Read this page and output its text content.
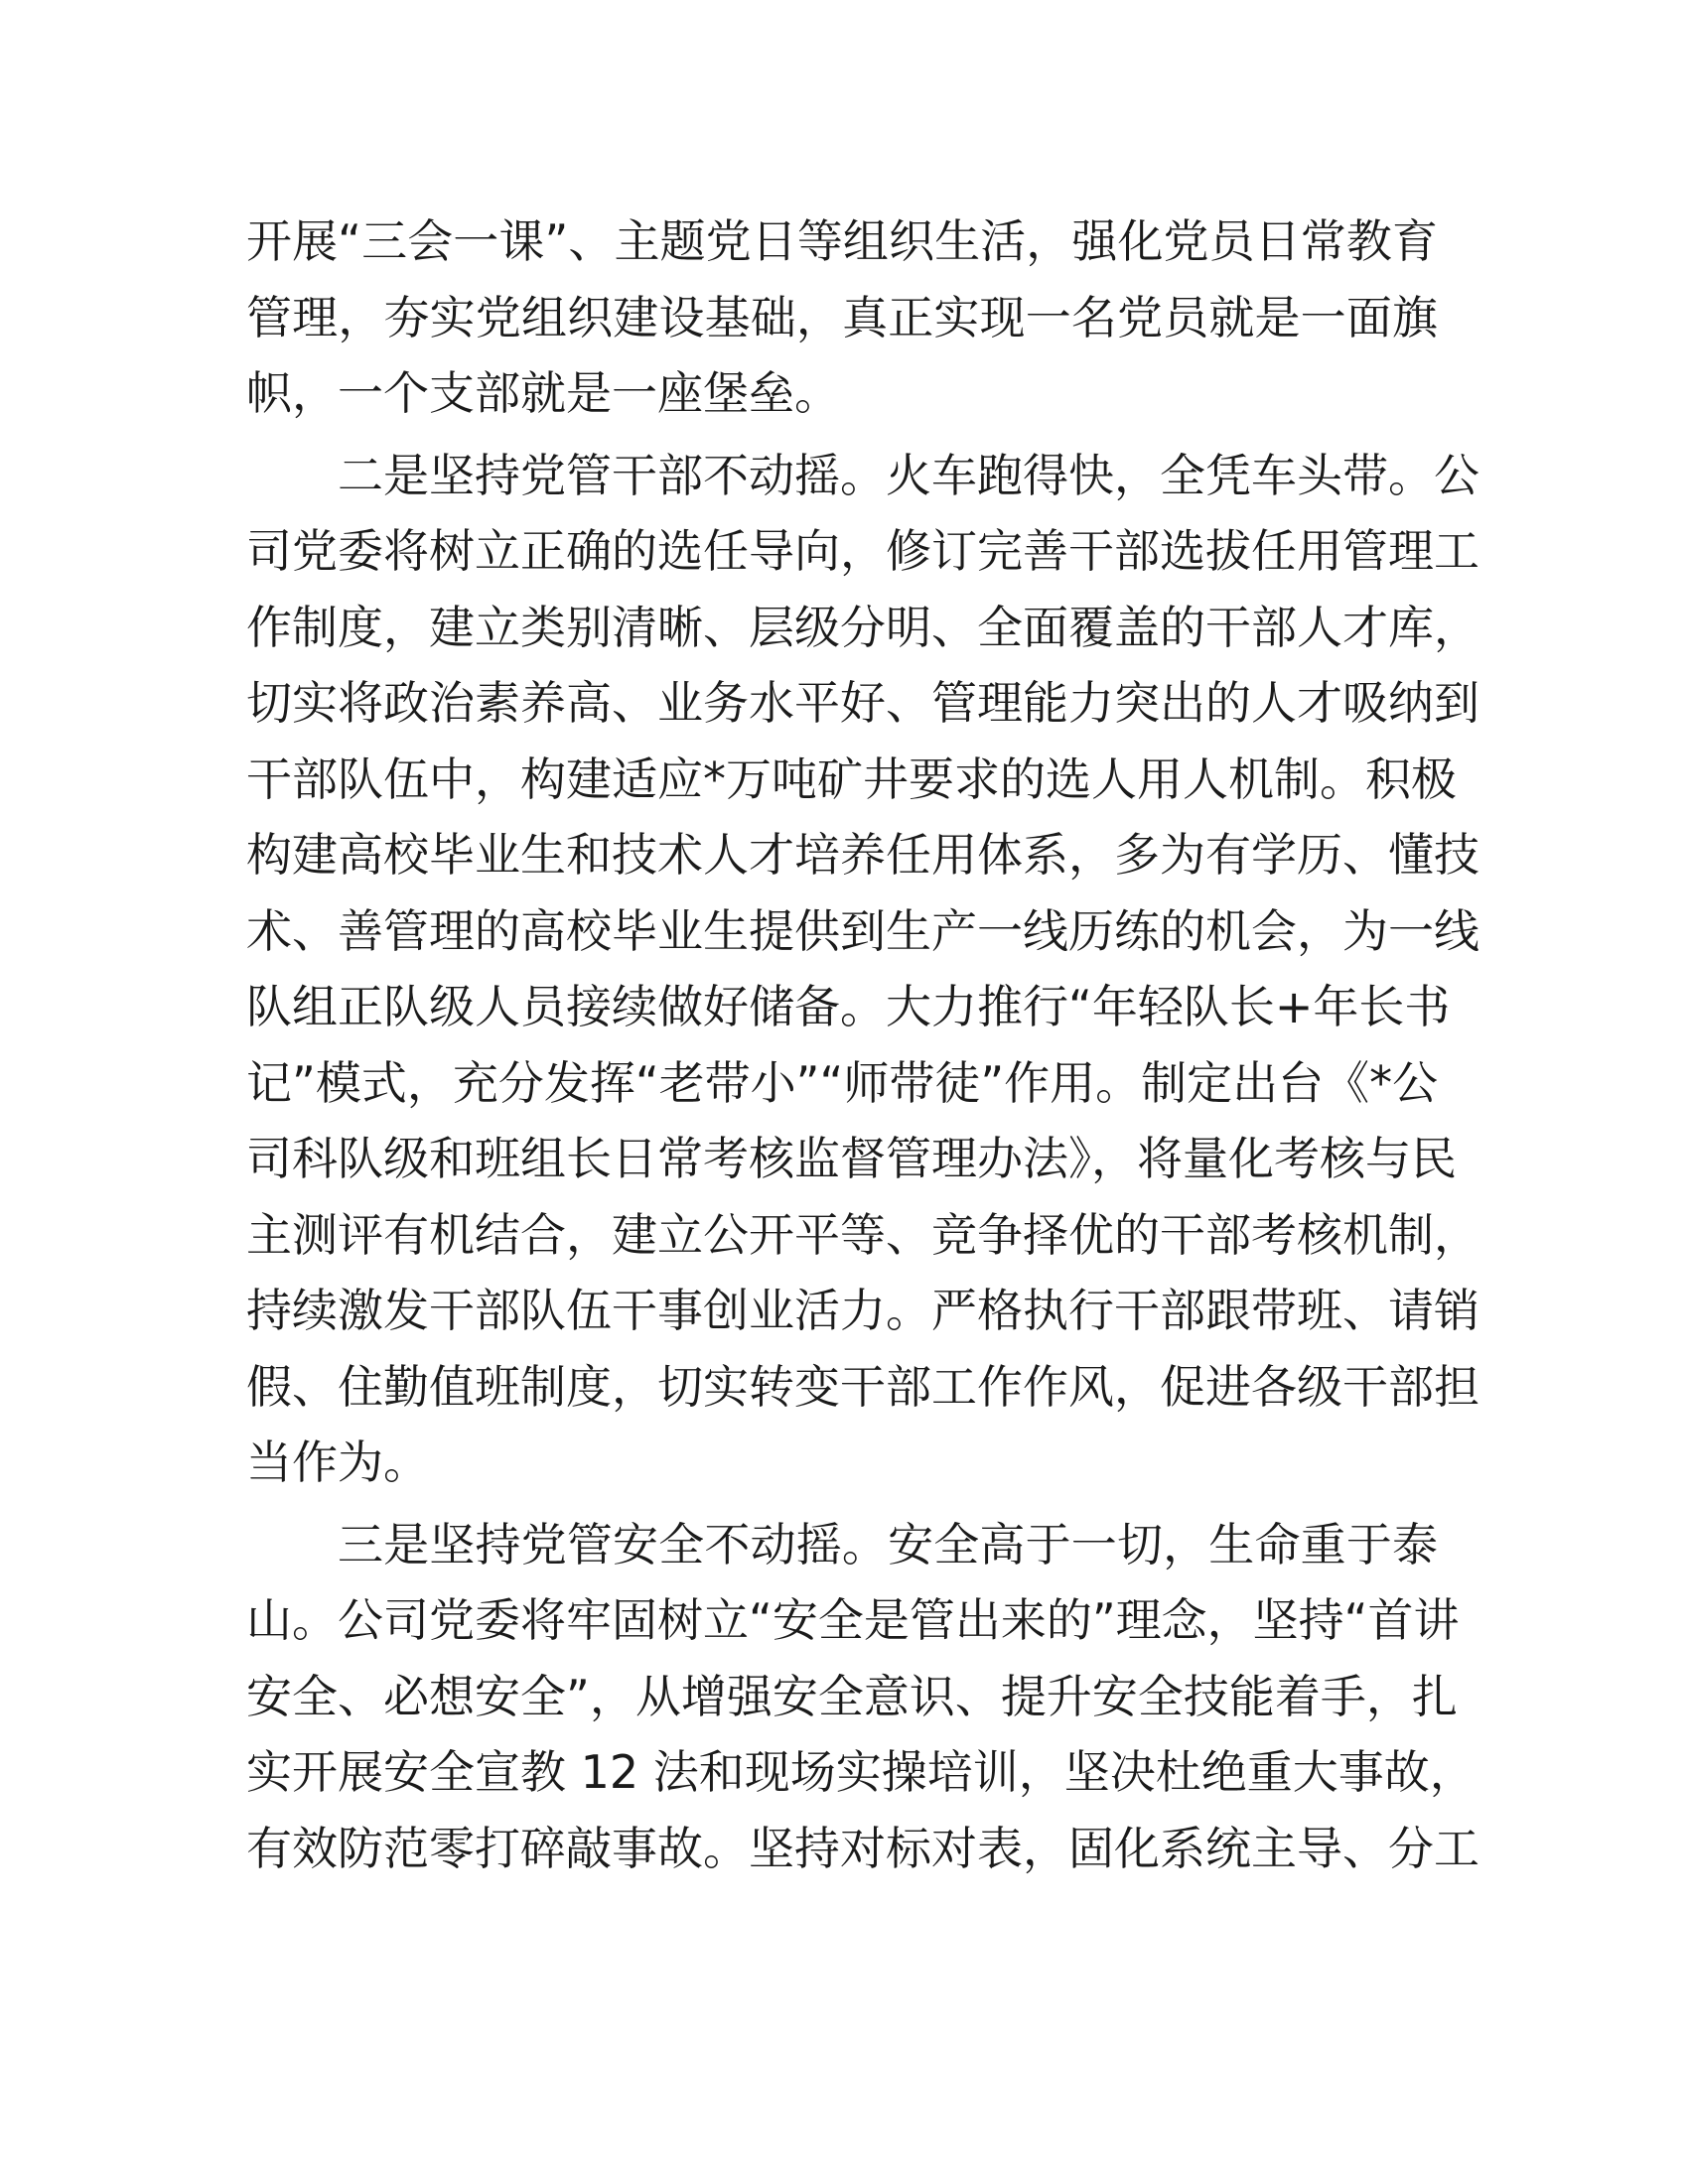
开展“三会一课”、主题党日等组织生活，强化党员日常教育
管理，夯实党组织建设基础，真正实现一名党员就是一面旗
帜，一个支部就是一座堡垒。
二是坚持党管干部不动摇。火车跑得快，全凭车头带。公
司党委将树立正确的选任导向，修订完善干部选拔任用管理工
作制度，建立类别清晰、层级分明、全面覆盖的干部人才库，
切实将政治素养高、业务水平好、管理能力突出的人才吸纳到
干部队伍中，构建适应*万吨矿井要求的选人用人机制。积极
构建高校毕业生和技术人才培养任用体系，多为有学历、懂技
术、善管理的高校毕业生提供到生产一线历练的机会，为一线
队组正队级人员接续做好储备。大力推行“年轻队长+年长书
记”模式，充分发挥“老带小”“师带徒”作用。制定出台《*公
司科队级和班组长日常考核监督管理办法》，将量化考核与民
主测评有机结合，建立公开平等、竞争择优的干部考核机制，
持续激发干部队伍干事创业活力。严格执行干部跟带班、请销
假、住勤值班制度，切实转变干部工作作风，促进各级干部担
当作为。
三是坚持党管安全不动摇。安全高于一切，生命重于泰
山。公司党委将牢固树立“安全是管出来的”理念，坚持“首讲
安全、必想安全”，从增强安全意识、提升安全技能着手，扎
实开展安全宣教 12 法和现场实操培训，坚决杜绝重大事故，
有效防范零打碎敲事故。坚持对标对表，固化系统主导、分工
